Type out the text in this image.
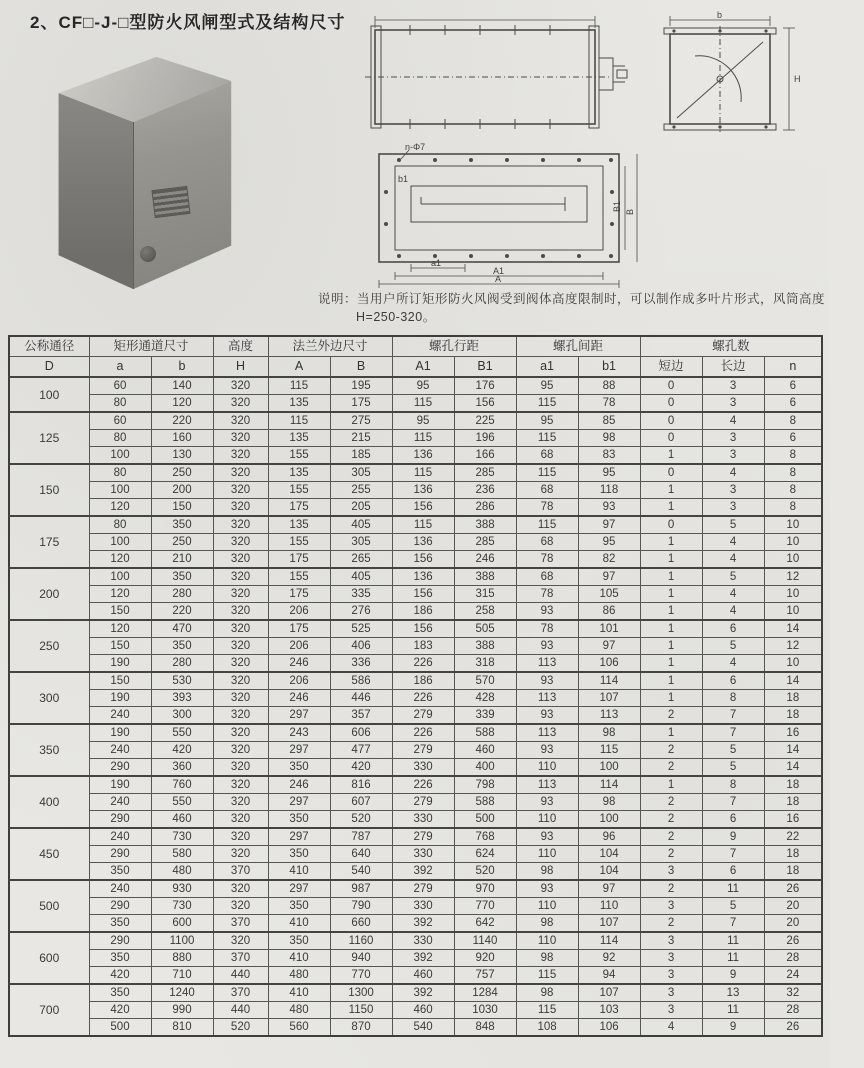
2、CF□-J-□型防火风闸型式及结构尺寸	b
H
n-Φ7
b1
B1 B
a1
A1
A
说明：当用户所订矩形防火风阀受到阀体高度限制时，可以制作成多叶片形式，风筒高度H=250-320。
公称通径	矩形通道尺寸		高度	法兰外边尺寸		螺孔行距		螺孔间距		螺孔数		
D	a	b	H	A	B	A1	B1	a1	b1	短边	长边	n
100	60	140	320	115	195	95	176	95	88	0	3	6
	80	120	320	135	175	115	156	115	78	0	3	6
125	60	220	320	115	275	95	225	95	85	0	4	8
	80	160	320	135	215	115	196	115	98	0	3	6
	100	130	320	155	185	136	166	68	83	1	3	8
150	80	250	320	135	305	115	285	115	95	0	4	8
	100	200	320	155	255	136	236	68	118	1	3	8
	120	150	320	175	205	156	286	78	93	1	3	8
175	80	350	320	135	405	115	388	115	97	0	5	10
	100	250	320	155	305	136	285	68	95	1	4	10
	120	210	320	175	265	156	246	78	82	1	4	10
200	100	350	320	155	405	136	388	68	97	1	5	12
	120	280	320	175	335	156	315	78	105	1	4	10
	150	220	320	206	276	186	258	93	86	1	4	10
250	120	470	320	175	525	156	505	78	101	1	6	14
	150	350	320	206	406	183	388	93	97	1	5	12
	190	280	320	246	336	226	318	113	106	1	4	10
300	150	530	320	206	586	186	570	93	114	1	6	14
	190	393	320	246	446	226	428	113	107	1	8	18
	240	300	320	297	357	279	339	93	113	2	7	18
350	190	550	320	243	606	226	588	113	98	1	7	16
	240	420	320	297	477	279	460	93	115	2	5	14
	290	360	320	350	420	330	400	110	100	2	5	14
400	190	760	320	246	816	226	798	113	114	1	8	18
	240	550	320	297	607	279	588	93	98	2	7	18
	290	460	320	350	520	330	500	110	100	2	6	16
450	240	730	320	297	787	279	768	93	96	2	9	22
	290	580	320	350	640	330	624	110	104	2	7	18
	350	480	370	410	540	392	520	98	104	3	6	18
500	240	930	320	297	987	279	970	93	97	2	11	26
	290	730	320	350	790	330	770	110	110	3	5	20
	350	600	370	410	660	392	642	98	107	2	7	20
600	290	1100	320	350	1160	330	1140	110	114	3	11	26
	350	880	370	410	940	392	920	98	92	3	11	28
	420	710	440	480	770	460	757	115	94	3	9	24
700	350	1240	370	410	1300	392	1284	98	107	3	13	32
	420	990	440	480	1150	460	1030	115	103	3	11	28
	500	810	520	560	870	540	848	108	106	4	9	26
